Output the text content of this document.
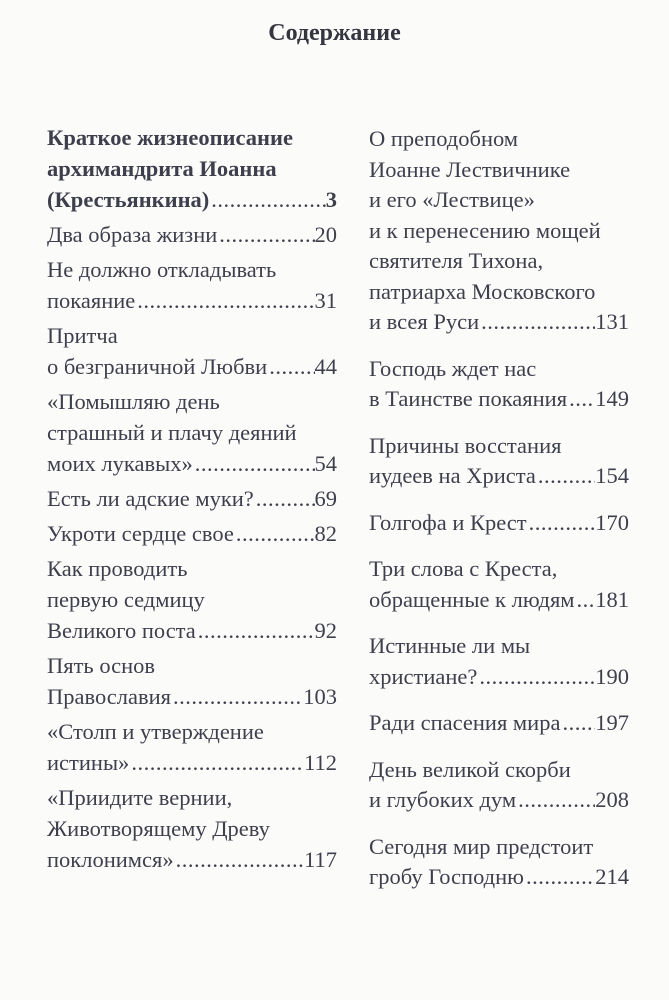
Содержание
Краткое жизнеописание
архимандрита Иоанна
(Крестьянкина) .....	3
Два образа жизни .....	20
Не должно откладывать
покаяние .....	31
Притча
о безграничной Любви ..... 44
«Помышляю день
страшный и плачу деяний
моих лукавых» .....	54
Есть ли адские муки? .....	69
Укроти сердце свое .....	82
Как проводить
первую седмицу
Великого поста .....	92
Пять основ
Православия .....	103
«Столп и утверждение
истины» .....	112
«Приидите вернии,
Животворящему Древу
поклонимся» .....	117
О преподобном
Иоанне Лествичнике
и его «Лествице»
и к перенесению мощей
святителя Тихона,
патриарха Московского
и всея Руси .....	131
Господь ждет нас
в Таинстве покаяния ..... 149
Причины восстания
иудеев на Христа .....	154
Голгофа и Крест .....	170
Три слова с Креста,
обращенные к людям ..... 181
Истинные ли мы
христиане? .....	190
Ради спасения мира ..... 197
День великой скорби
и глубоких дум .....	208
Сегодня мир предстоит
гробу Господню .....	214
